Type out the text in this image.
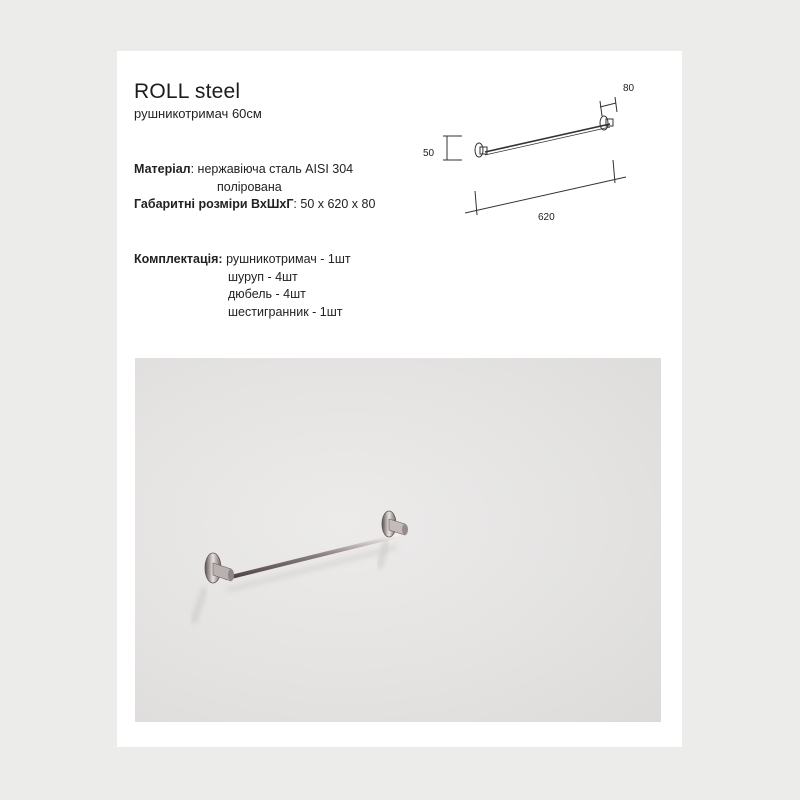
ROLL steel
рушникотримач 60см
Матеріал: нержавіюча сталь AISI 304
полірована
Габаритні розміри ВхШхГ: 50 х 620 х 80
Комплектація: рушникотримач - 1шт
шуруп - 4шт
дюбель - 4шт
шестигранник - 1шт
80
50
620
